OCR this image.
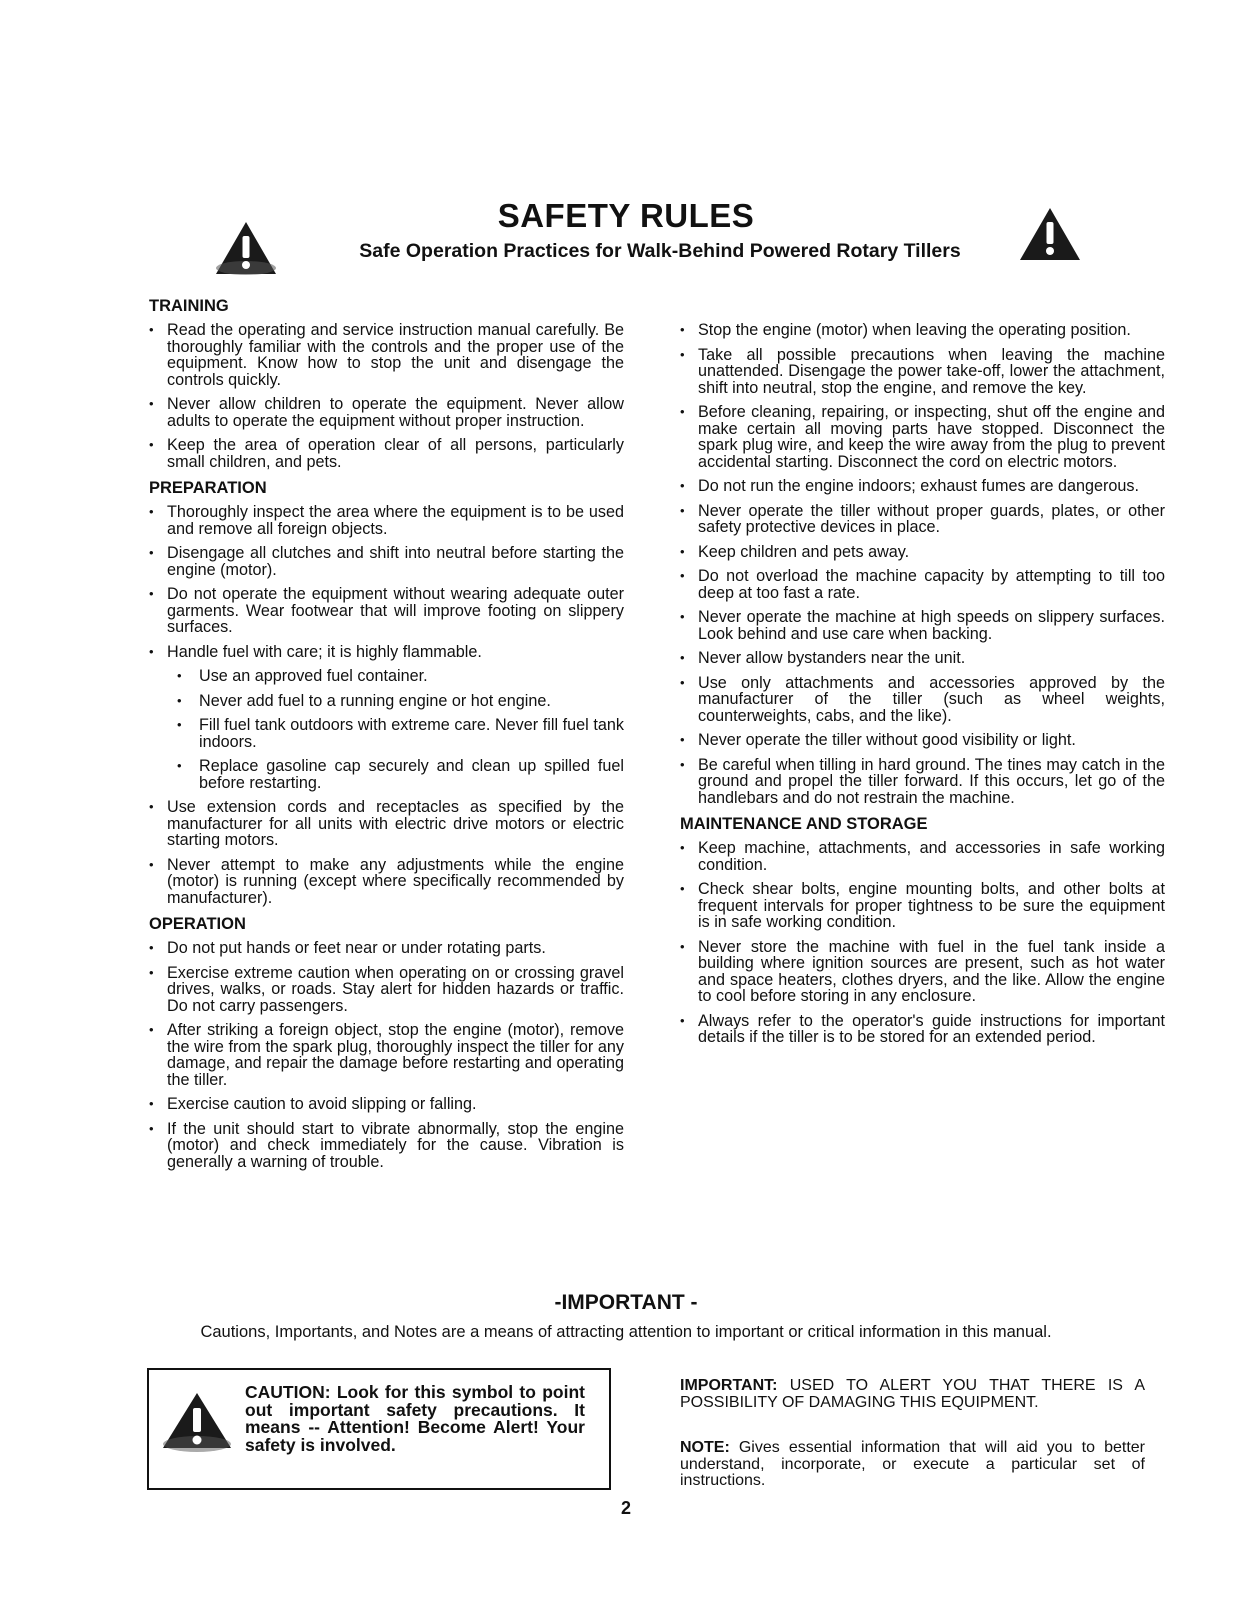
SAFETY RULES
Safe Operation Practices for Walk-Behind Powered Rotary Tillers
TRAINING
• Read the operating and service instruction manual carefully. Be thoroughly familiar with the controls and the proper use of the equipment. Know how to stop the unit and disengage the controls quickly.
• Never allow children to operate the equipment. Never allow adults to operate the equipment without proper instruction.
• Keep the area of operation clear of all persons, particularly small children, and pets.
PREPARATION
• Thoroughly inspect the area where the equipment is to be used and remove all foreign objects.
• Disengage all clutches and shift into neutral before starting the engine (motor).
• Do not operate the equipment without wearing adequate outer garments. Wear footwear that will improve footing on slippery surfaces.
• Handle fuel with care; it is highly flammable.
• Use an approved fuel container.
• Never add fuel to a running engine or hot engine.
• Fill fuel tank outdoors with extreme care. Never fill fuel tank indoors.
• Replace gasoline cap securely and clean up spilled fuel before restarting.
• Use extension cords and receptacles as specified by the manufacturer for all units with electric drive motors or electric starting motors.
• Never attempt to make any adjustments while the engine (motor) is running (except where specifically recommended by manufacturer).
OPERATION
• Do not put hands or feet near or under rotating parts.
• Exercise extreme caution when operating on or crossing gravel drives, walks, or roads. Stay alert for hidden hazards or traffic. Do not carry passengers.
• After striking a foreign object, stop the engine (motor), remove the wire from the spark plug, thoroughly inspect the tiller for any damage, and repair the damage before restarting and operating the tiller.
• Exercise caution to avoid slipping or falling.
• If the unit should start to vibrate abnormally, stop the engine (motor) and check immediately for the cause. Vibration is generally a warning of trouble.
• Stop the engine (motor) when leaving the operating position.
• Take all possible precautions when leaving the machine unattended. Disengage the power take-off, lower the attachment, shift into neutral, stop the engine, and remove the key.
• Before cleaning, repairing, or inspecting, shut off the engine and make certain all moving parts have stopped. Disconnect the spark plug wire, and keep the wire away from the plug to prevent accidental starting. Disconnect the cord on electric motors.
• Do not run the engine indoors; exhaust fumes are dangerous.
• Never operate the tiller without proper guards, plates, or other safety protective devices in place.
• Keep children and pets away.
• Do not overload the machine capacity by attempting to till too deep at too fast a rate.
• Never operate the machine at high speeds on slippery surfaces. Look behind and use care when backing.
• Never allow bystanders near the unit.
• Use only attachments and accessories approved by the manufacturer of the tiller (such as wheel weights, counterweights, cabs, and the like).
• Never operate the tiller without good visibility or light.
• Be careful when tilling in hard ground. The tines may catch in the ground and propel the tiller forward. If this occurs, let go of the handlebars and do not restrain the machine.
MAINTENANCE AND STORAGE
• Keep machine, attachments, and accessories in safe working condition.
• Check shear bolts, engine mounting bolts, and other bolts at frequent intervals for proper tightness to be sure the equipment is in safe working condition.
• Never store the machine with fuel in the fuel tank inside a building where ignition sources are present, such as hot water and space heaters, clothes dryers, and the like. Allow the engine to cool before storing in any enclosure.
• Always refer to the operator's guide instructions for important details if the tiller is to be stored for an extended period.
-IMPORTANT -
Cautions, Importants, and Notes are a means of attracting attention to important or critical information in this manual.
CAUTION: Look for this symbol to point out important safety precautions. It means -- Attention! Become Alert! Your safety is involved.
IMPORTANT: USED TO ALERT YOU THAT THERE IS A POSSIBILITY OF DAMAGING THIS EQUIPMENT.
NOTE: Gives essential information that will aid you to better understand, incorporate, or execute a particular set of instructions.
2
